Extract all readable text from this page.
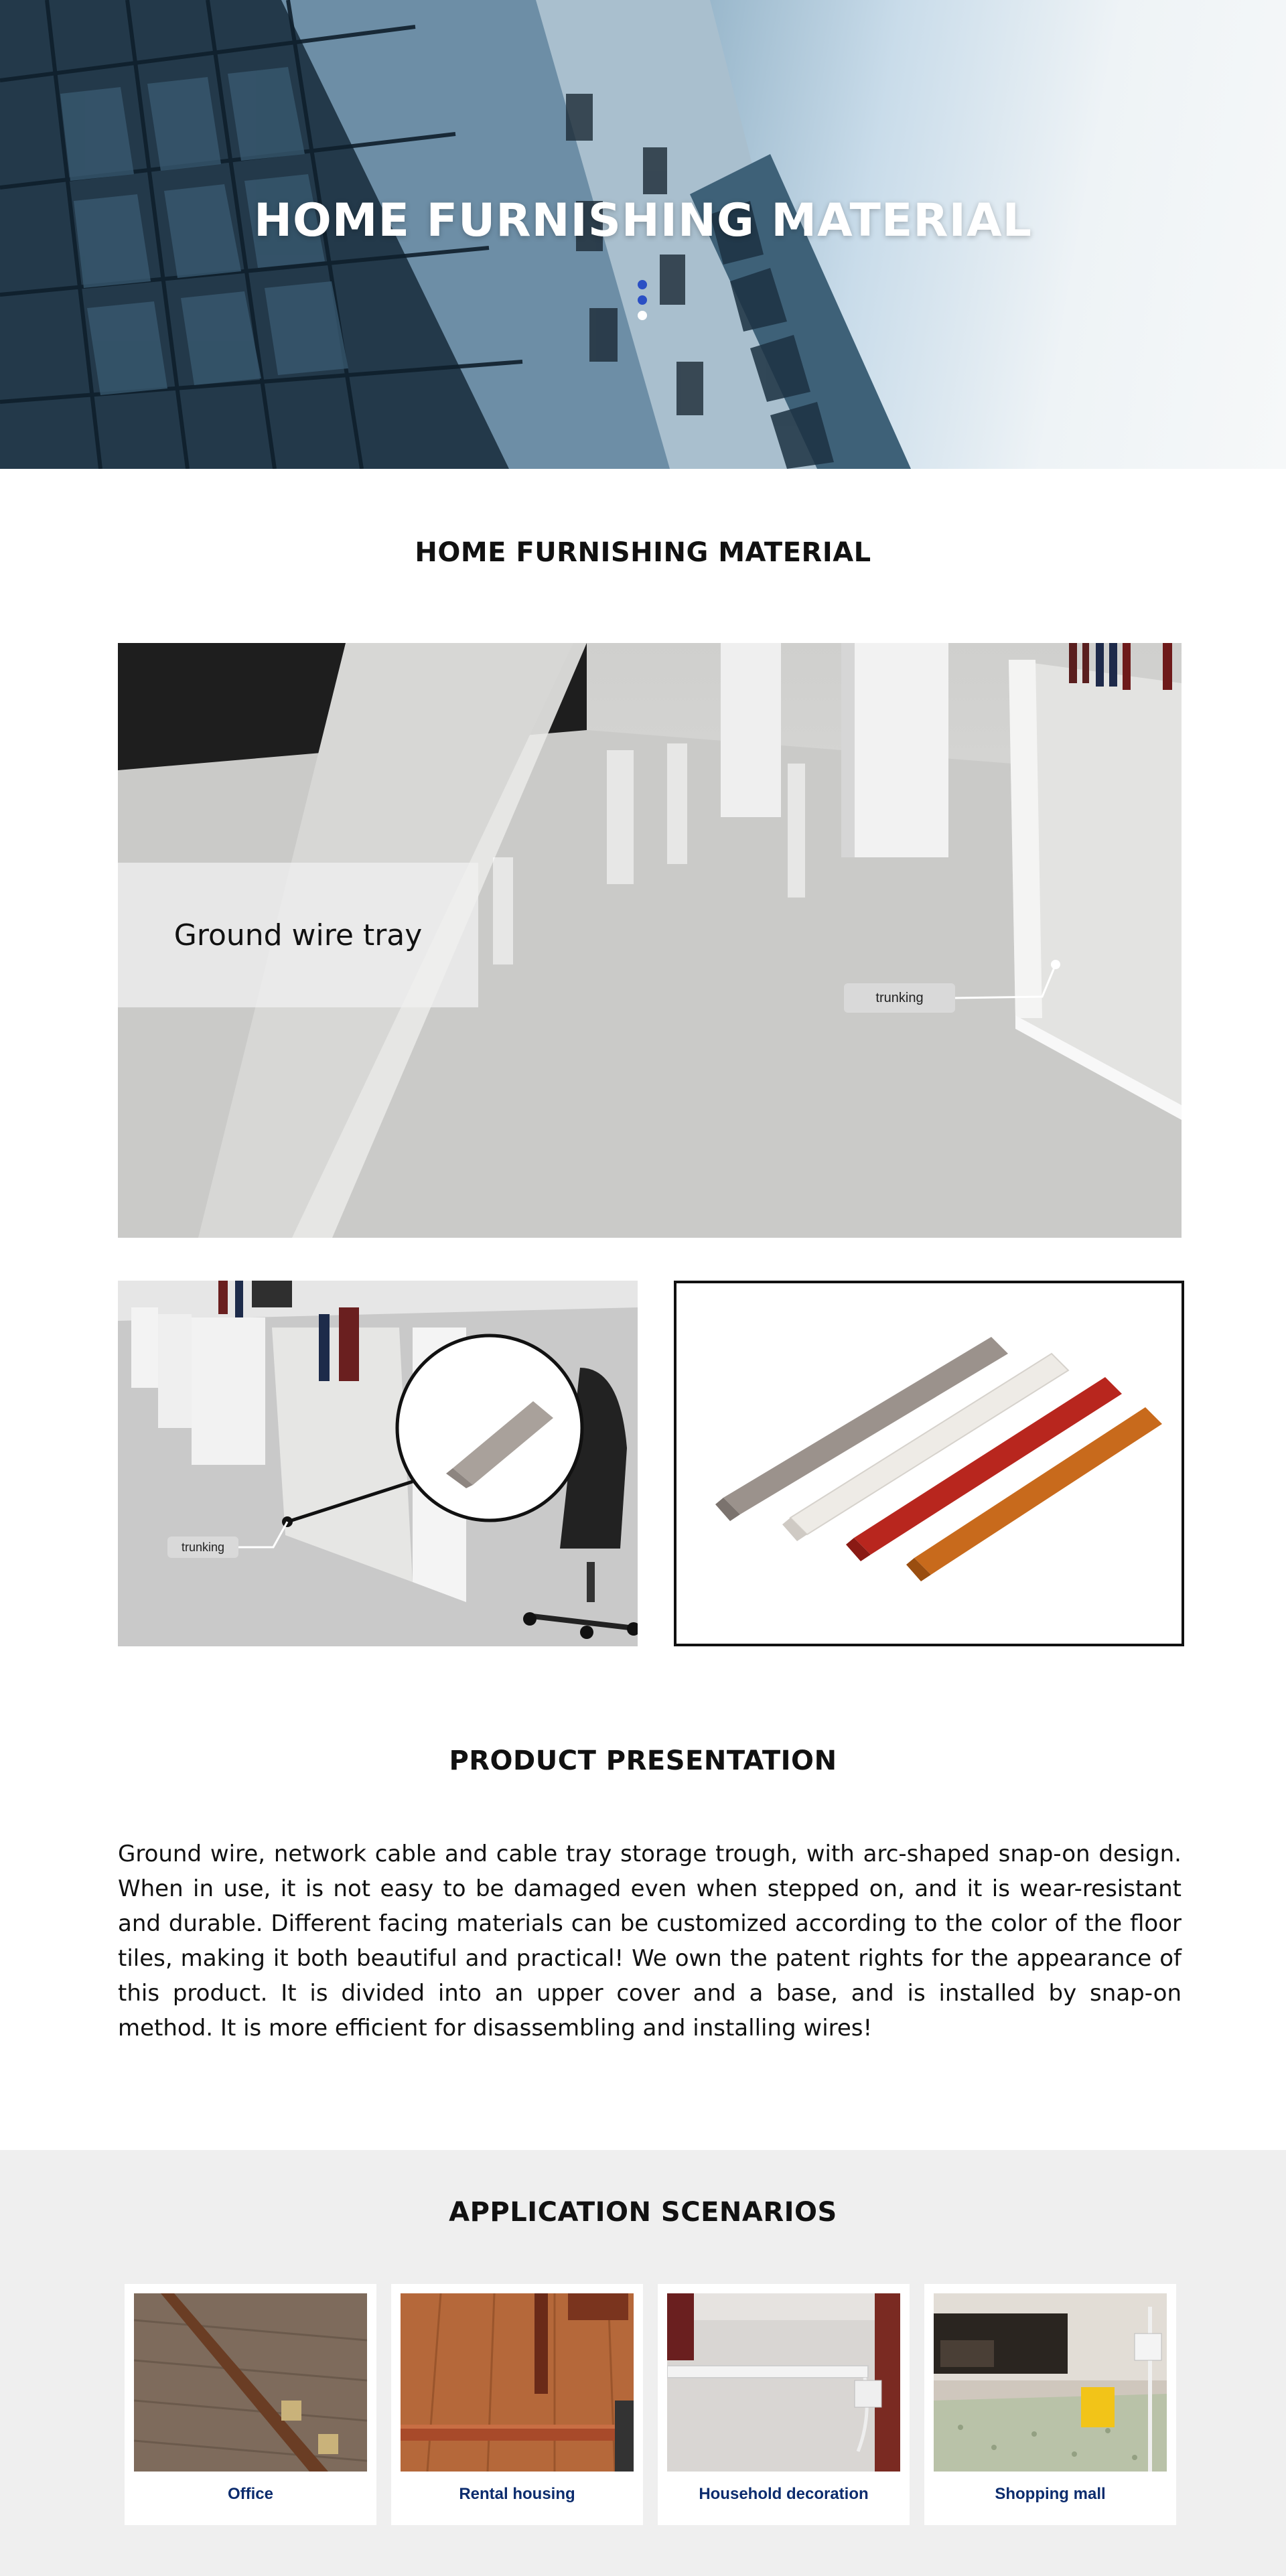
HOME FURNISHING MATERIAL
HOME FURNISHING MATERIAL
Ground wire tray
trunking
trunking
PRODUCT PRESENTATION

Ground wire, network cable and cable tray storage trough, with arc-shaped snap-on design. When in use, it is not easy to be damaged even when stepped on, and it is wear-resistant and durable. Different facing materials can be customized according to the color of the floor tiles, making it both beautiful and practical! We own the patent rights for the appearance of this product. It is divided into an upper cover and a base, and is installed by snap-on method. It is more efficient for disassembling and installing wires!

APPLICATION SCENARIOS
Office	Rental housing	Household decoration	Shopping mall
